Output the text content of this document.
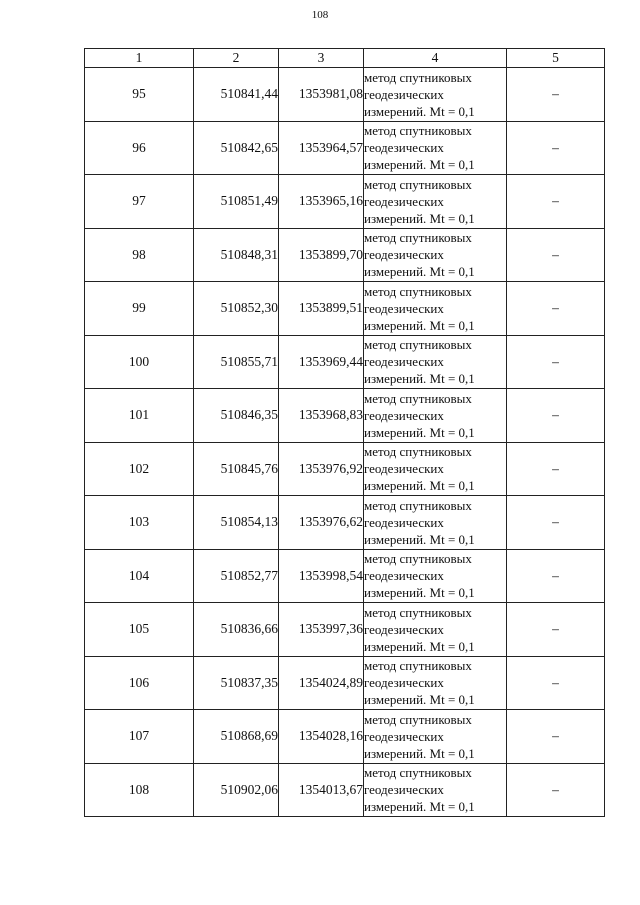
108
1	2	3	4	5
95	510841,44	1353981,08	метод спутниковых
геодезических
измерений. Mt = 0,1	–
96	510842,65	1353964,57	метод спутниковых
геодезических
измерений. Mt = 0,1	–
97	510851,49	1353965,16	метод спутниковых
геодезических
измерений. Mt = 0,1	–
98	510848,31	1353899,70	метод спутниковых
геодезических
измерений. Mt = 0,1	–
99	510852,30	1353899,51	метод спутниковых
геодезических
измерений. Mt = 0,1	–
100	510855,71	1353969,44	метод спутниковых
геодезических
измерений. Mt = 0,1	–
101	510846,35	1353968,83	метод спутниковых
геодезических
измерений. Mt = 0,1	–
102	510845,76	1353976,92	метод спутниковых
геодезических
измерений. Mt = 0,1	–
103	510854,13	1353976,62	метод спутниковых
геодезических
измерений. Mt = 0,1	–
104	510852,77	1353998,54	метод спутниковых
геодезических
измерений. Mt = 0,1	–
105	510836,66	1353997,36	метод спутниковых
геодезических
измерений. Mt = 0,1	–
106	510837,35	1354024,89	метод спутниковых
геодезических
измерений. Mt = 0,1	–
107	510868,69	1354028,16	метод спутниковых
геодезических
измерений. Mt = 0,1	–
108	510902,06	1354013,67	метод спутниковых
геодезических
измерений. Mt = 0,1	–
